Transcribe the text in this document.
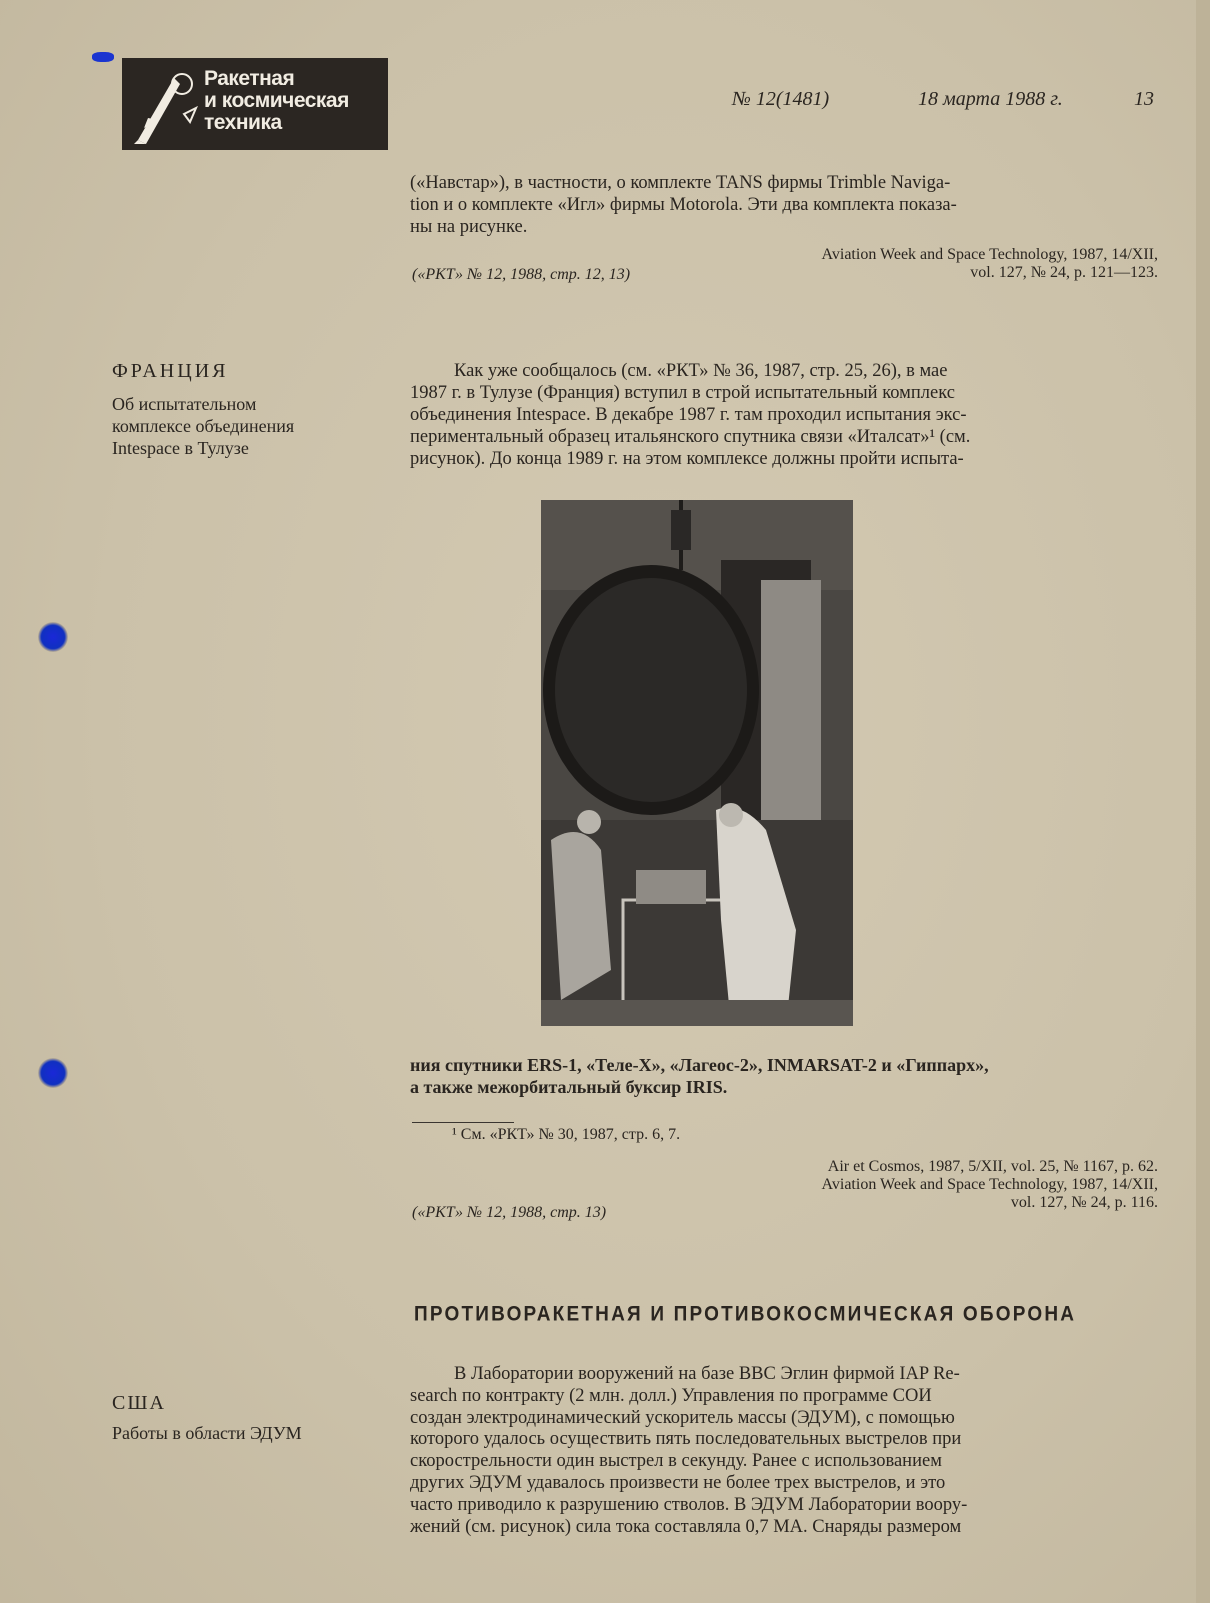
Ракетная
и космическая
техника
№ 12(1481)	18 марта 1988 г.	13
(«Навстар»), в частности, о комплекте TANS фирмы Trimble Naviga-
tion и о комплекте «Игл» фирмы Motorola. Эти два комплекта показа-
ны на рисунке.
Aviation Week and Space Technology, 1987, 14/XII,
vol. 127, № 24, p. 121—123.
(«РКТ» № 12, 1988, стр. 12, 13)
ФРАНЦИЯ
Об испытательном
комплексе объединения
Intespace в Тулузе
Как уже сообщалось (см. «РКТ» № 36, 1987, стр. 25, 26), в мае
1987 г. в Тулузе (Франция) вступил в строй испытательный комплекс
объединения Intespace. В декабре 1987 г. там проходил испытания экс-
периментальный образец итальянского спутника связи «Италсат»¹ (см.
рисунок). До конца 1989 г. на этом комплексе должны пройти испыта-
ния спутники ERS-1, «Теле-X», «Лагеос-2», INMARSAT-2 и «Гиппарх»,
а также межорбитальный буксир IRIS.
¹ См. «РКТ» № 30, 1987, стр. 6, 7.
Air et Cosmos, 1987, 5/XII, vol. 25, № 1167, p. 62.
Aviation Week and Space Technology, 1987, 14/XII,
vol. 127, № 24, p. 116.
(«РКТ» № 12, 1988, стр. 13)
ПРОТИВОРАКЕТНАЯ И ПРОТИВОКОСМИЧЕСКАЯ ОБОРОНА
США
Работы в области ЭДУМ
В Лаборатории вооружений на базе ВВС Эглин фирмой IAP Re-
search по контракту (2 млн. долл.) Управления по программе СОИ
создан электродинамический ускоритель массы (ЭДУМ), с помощью
которого удалось осуществить пять последовательных выстрелов при
скорострельности один выстрел в секунду. Ранее с использованием
других ЭДУМ удавалось произвести не более трех выстрелов, и это
часто приводило к разрушению стволов. В ЭДУМ Лаборатории воору-
жений (см. рисунок) сила тока составляла 0,7 МА. Снаряды размером
